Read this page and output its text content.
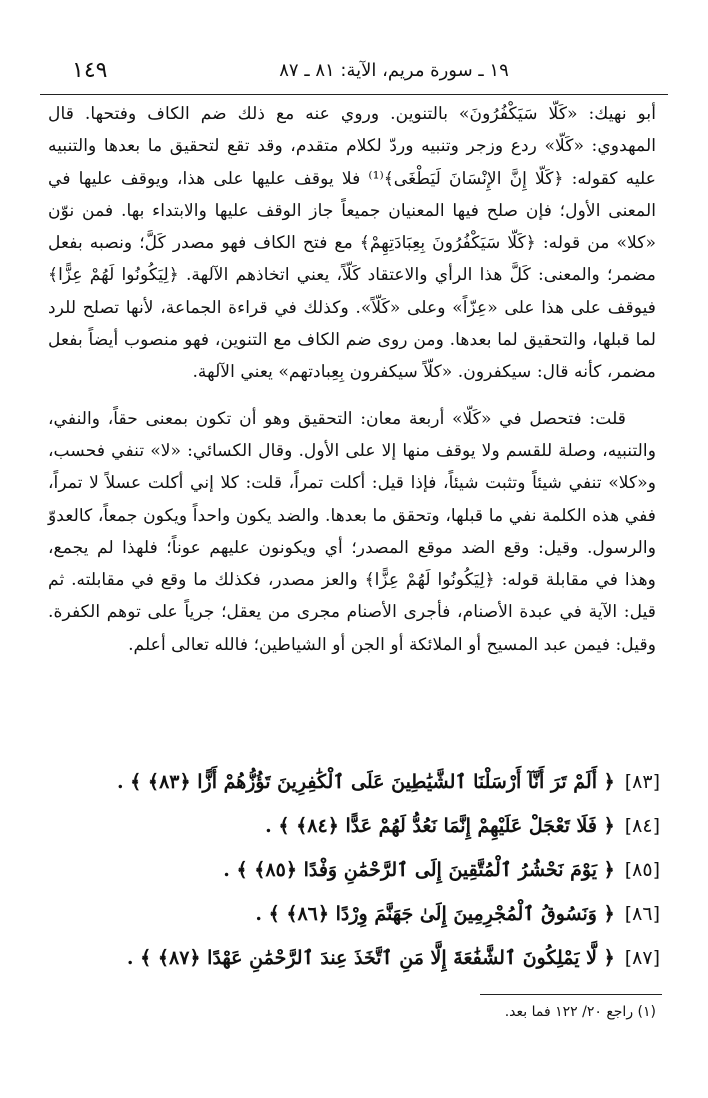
١٤٩	١٩ ـ سورة مريم، الآية: ٨١ ـ ٨٧

أبو نهيك: «كَلّا سَيَكْفُرُونَ» بالتنوين. وروي عنه مع ذلك ضم الكاف وفتحها. قال المهدوي: «كَلّا» ردع وزجر وتنبيه وردّ لكلام متقدم، وقد تقع لتحقيق ما بعدها والتنبيه عليه كقوله: ﴿كَلّا إِنَّ الإِنْسَانَ لَيَطْغَى﴾⁽¹⁾ فلا يوقف عليها على هذا، ويوقف عليها في المعنى الأول؛ فإن صلح فيها المعنيان جميعاً جاز الوقف عليها والابتداء بها. فمن نوّن «كلا» من قوله: ﴿كَلّا سَيَكْفُرُونَ بِعِبَادَتِهِمْ﴾ مع فتح الكاف فهو مصدر كَلَّ؛ ونصبه بفعل مضمر؛ والمعنى: كَلَّ هذا الرأي والاعتقاد كَلّاً، يعني اتخاذهم الآلهة. ﴿لِيَكُونُوا لَهُمْ عِزًّا﴾ فيوقف على هذا على «عِزّاً» وعلى «كَلّاً». وكذلك في قراءة الجماعة، لأنها تصلح للرد لما قبلها، والتحقيق لما بعدها. ومن روى ضم الكاف مع التنوين، فهو منصوب أيضاً بفعل مضمر، كأنه قال: سيكفرون. «كلّاً سيكفرون بِعِبادتهم» يعني الآلهة.

قلت: فتحصل في «كَلّا» أربعة معان: التحقيق وهو أن تكون بمعنى حقاً، والنفي، والتنبيه، وصلة للقسم ولا يوقف منها إلا على الأول. وقال الكسائي: «لا» تنفي فحسب، و«كلا» تنفي شيئاً وتثبت شيئاً، فإذا قيل: أكلت تمراً، قلت: كلا إني أكلت عسلاً لا تمراً، ففي هذه الكلمة نفي ما قبلها، وتحقق ما بعدها. والضد يكون واحداً ويكون جمعاً، كالعدوّ والرسول. وقيل: وقع الضد موقع المصدر؛ أي ويكونون عليهم عوناً؛ فلهذا لم يجمع، وهذا في مقابلة قوله: ﴿لِيَكُونُوا لَهُمْ عِزًّا﴾ والعز مصدر، فكذلك ما وقع في مقابلته. ثم قيل: الآية في عبدة الأصنام، فأجرى الأصنام مجرى من يعقل؛ جرياً على توهم الكفرة. وقيل: فيمن عبد المسيح أو الملائكة أو الجن أو الشياطين؛ فالله تعالى أعلم.

[٨٣]
﴿ أَلَمْ تَرَ أَنَّآ أَرْسَلْنَا ٱلشَّيَٰطِينَ عَلَى ٱلْكَٰفِرِينَ تَؤُزُّهُمْ أَزًّا ﴿٨٣﴾ ﴾ .
[٨٤]
﴿ فَلَا تَعْجَلْ عَلَيْهِمْ إِنَّمَا نَعُدُّ لَهُمْ عَدًّا ﴿٨٤﴾ ﴾ .
[٨٥]
﴿ يَوْمَ نَحْشُرُ ٱلْمُتَّقِينَ إِلَى ٱلرَّحْمَٰنِ وَفْدًا ﴿٨٥﴾ ﴾ .
[٨٦]
﴿ وَنَسُوقُ ٱلْمُجْرِمِينَ إِلَىٰ جَهَنَّمَ وِرْدًا ﴿٨٦﴾ ﴾ .
[٨٧]
﴿ لَّا يَمْلِكُونَ ٱلشَّفَٰعَةَ إِلَّا مَنِ ٱتَّخَذَ عِندَ ٱلرَّحْمَٰنِ عَهْدًا ﴿٨٧﴾ ﴾ .
(١) راجع ٢٠/ ١٢٢ فما بعد.
